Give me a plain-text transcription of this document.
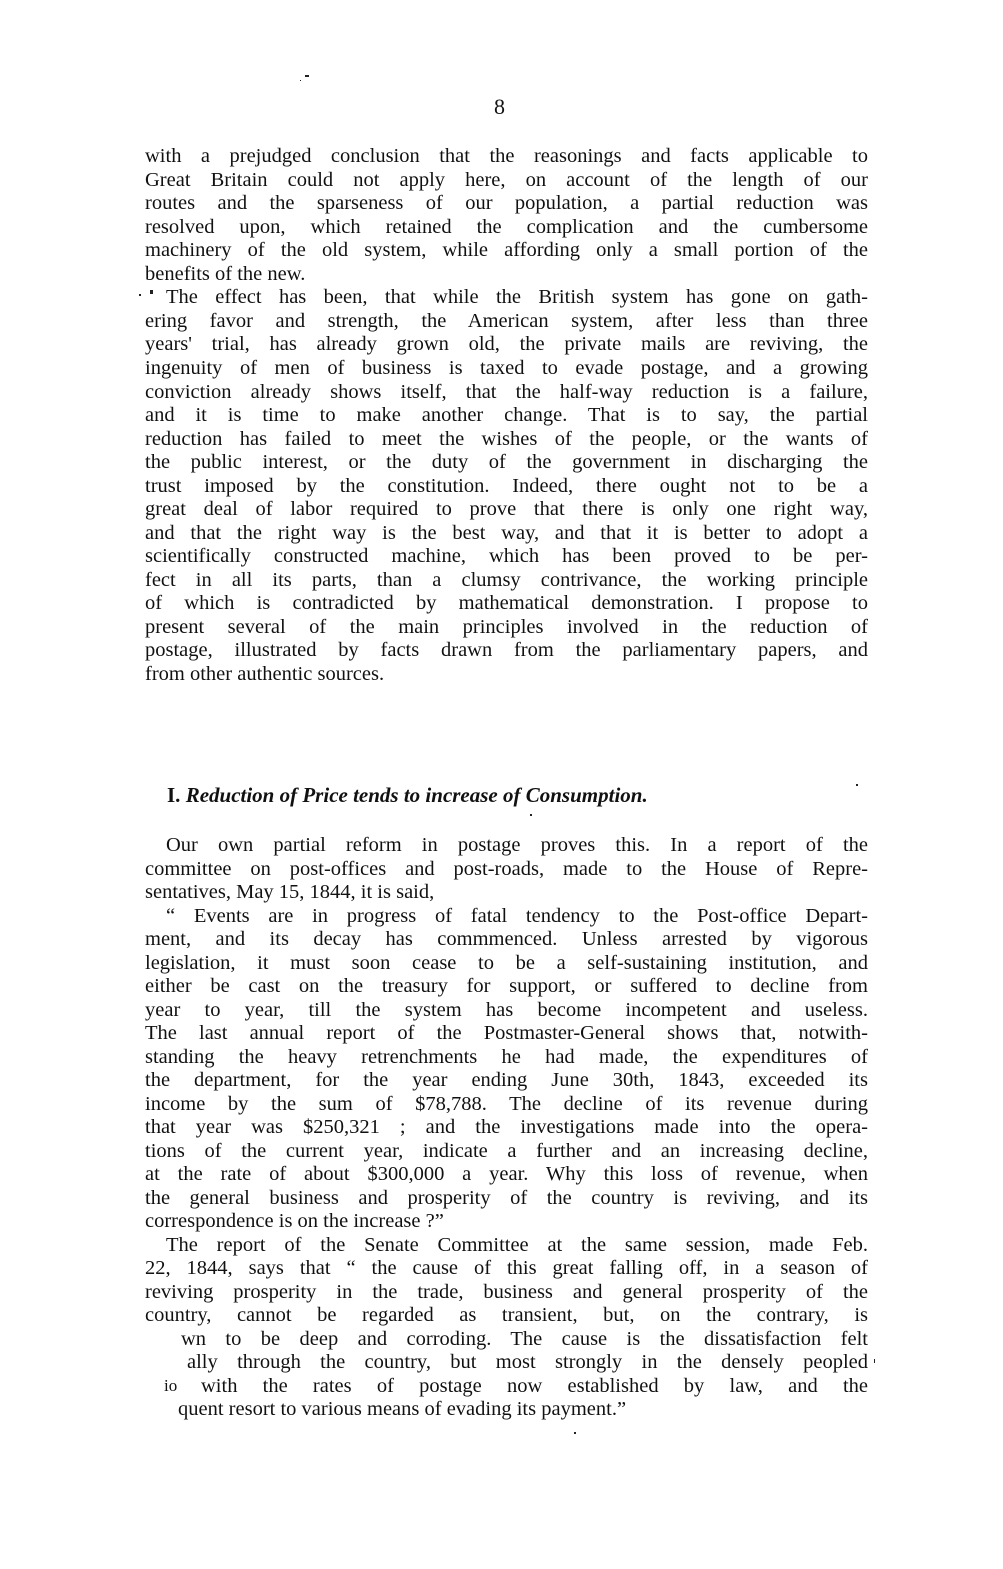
8
with a prejudged conclusion that the reasonings and facts applicable to
Great Britain could not apply here, on account of the length of our
routes and the sparseness of our population, a partial reduction was
resolved upon, which retained the complication and the cumbersome
machinery of the old system, while affording only a small portion of the
benefits of the new.
The effect has been, that while the British system has gone on gath-
ering favor and strength, the American system, after less than three
years' trial, has already grown old, the private mails are reviving, the
ingenuity of men of business is taxed to evade postage, and a growing
conviction already shows itself, that the half-way reduction is a failure,
and it is time to make another change. That is to say, the partial
reduction has failed to meet the wishes of the people, or the wants of
the public interest, or the duty of the government in discharging the
trust imposed by the constitution. Indeed, there ought not to be a
great deal of labor required to prove that there is only one right way,
and that the right way is the best way, and that it is better to adopt a
scientifically constructed machine, which has been proved to be per-
fect in all its parts, than a clumsy contrivance, the working principle
of which is contradicted by mathematical demonstration. I propose to
present several of the main principles involved in the reduction of
postage, illustrated by facts drawn from the parliamentary papers, and
from other authentic sources.
I. Reduction of Price tends to increase of Consumption.
Our own partial reform in postage proves this. In a report of the
committee on post-offices and post-roads, made to the House of Repre-
sentatives, May 15, 1844, it is said,
“ Events are in progress of fatal tendency to the Post-office Depart-
ment, and its decay has commmenced. Unless arrested by vigorous
legislation, it must soon cease to be a self-sustaining institution, and
either be cast on the treasury for support, or suffered to decline from
year to year, till the system has become incompetent and useless.
The last annual report of the Postmaster-General shows that, notwith-
standing the heavy retrenchments he had made, the expenditures of
the department, for the year ending June 30th, 1843, exceeded its
income by the sum of $78,788. The decline of its revenue during
that year was $250,321 ; and the investigations made into the opera-
tions of the current year, indicate a further and an increasing decline,
at the rate of about $300,000 a year. Why this loss of revenue, when
the general business and prosperity of the country is reviving, and its
correspondence is on the increase ?”
The report of the Senate Committee at the same session, made Feb.
22, 1844, says that “ the cause of this great falling off, in a season of
reviving prosperity in the trade, business and general prosperity of the
country, cannot be regarded as transient, but, on the contrary, is
wn to be deep and corroding. The cause is the dissatisfaction felt
ally through the country, but most strongly in the densely peopled
io with the rates of postage now established by law, and the
quent resort to various means of evading its payment.”
